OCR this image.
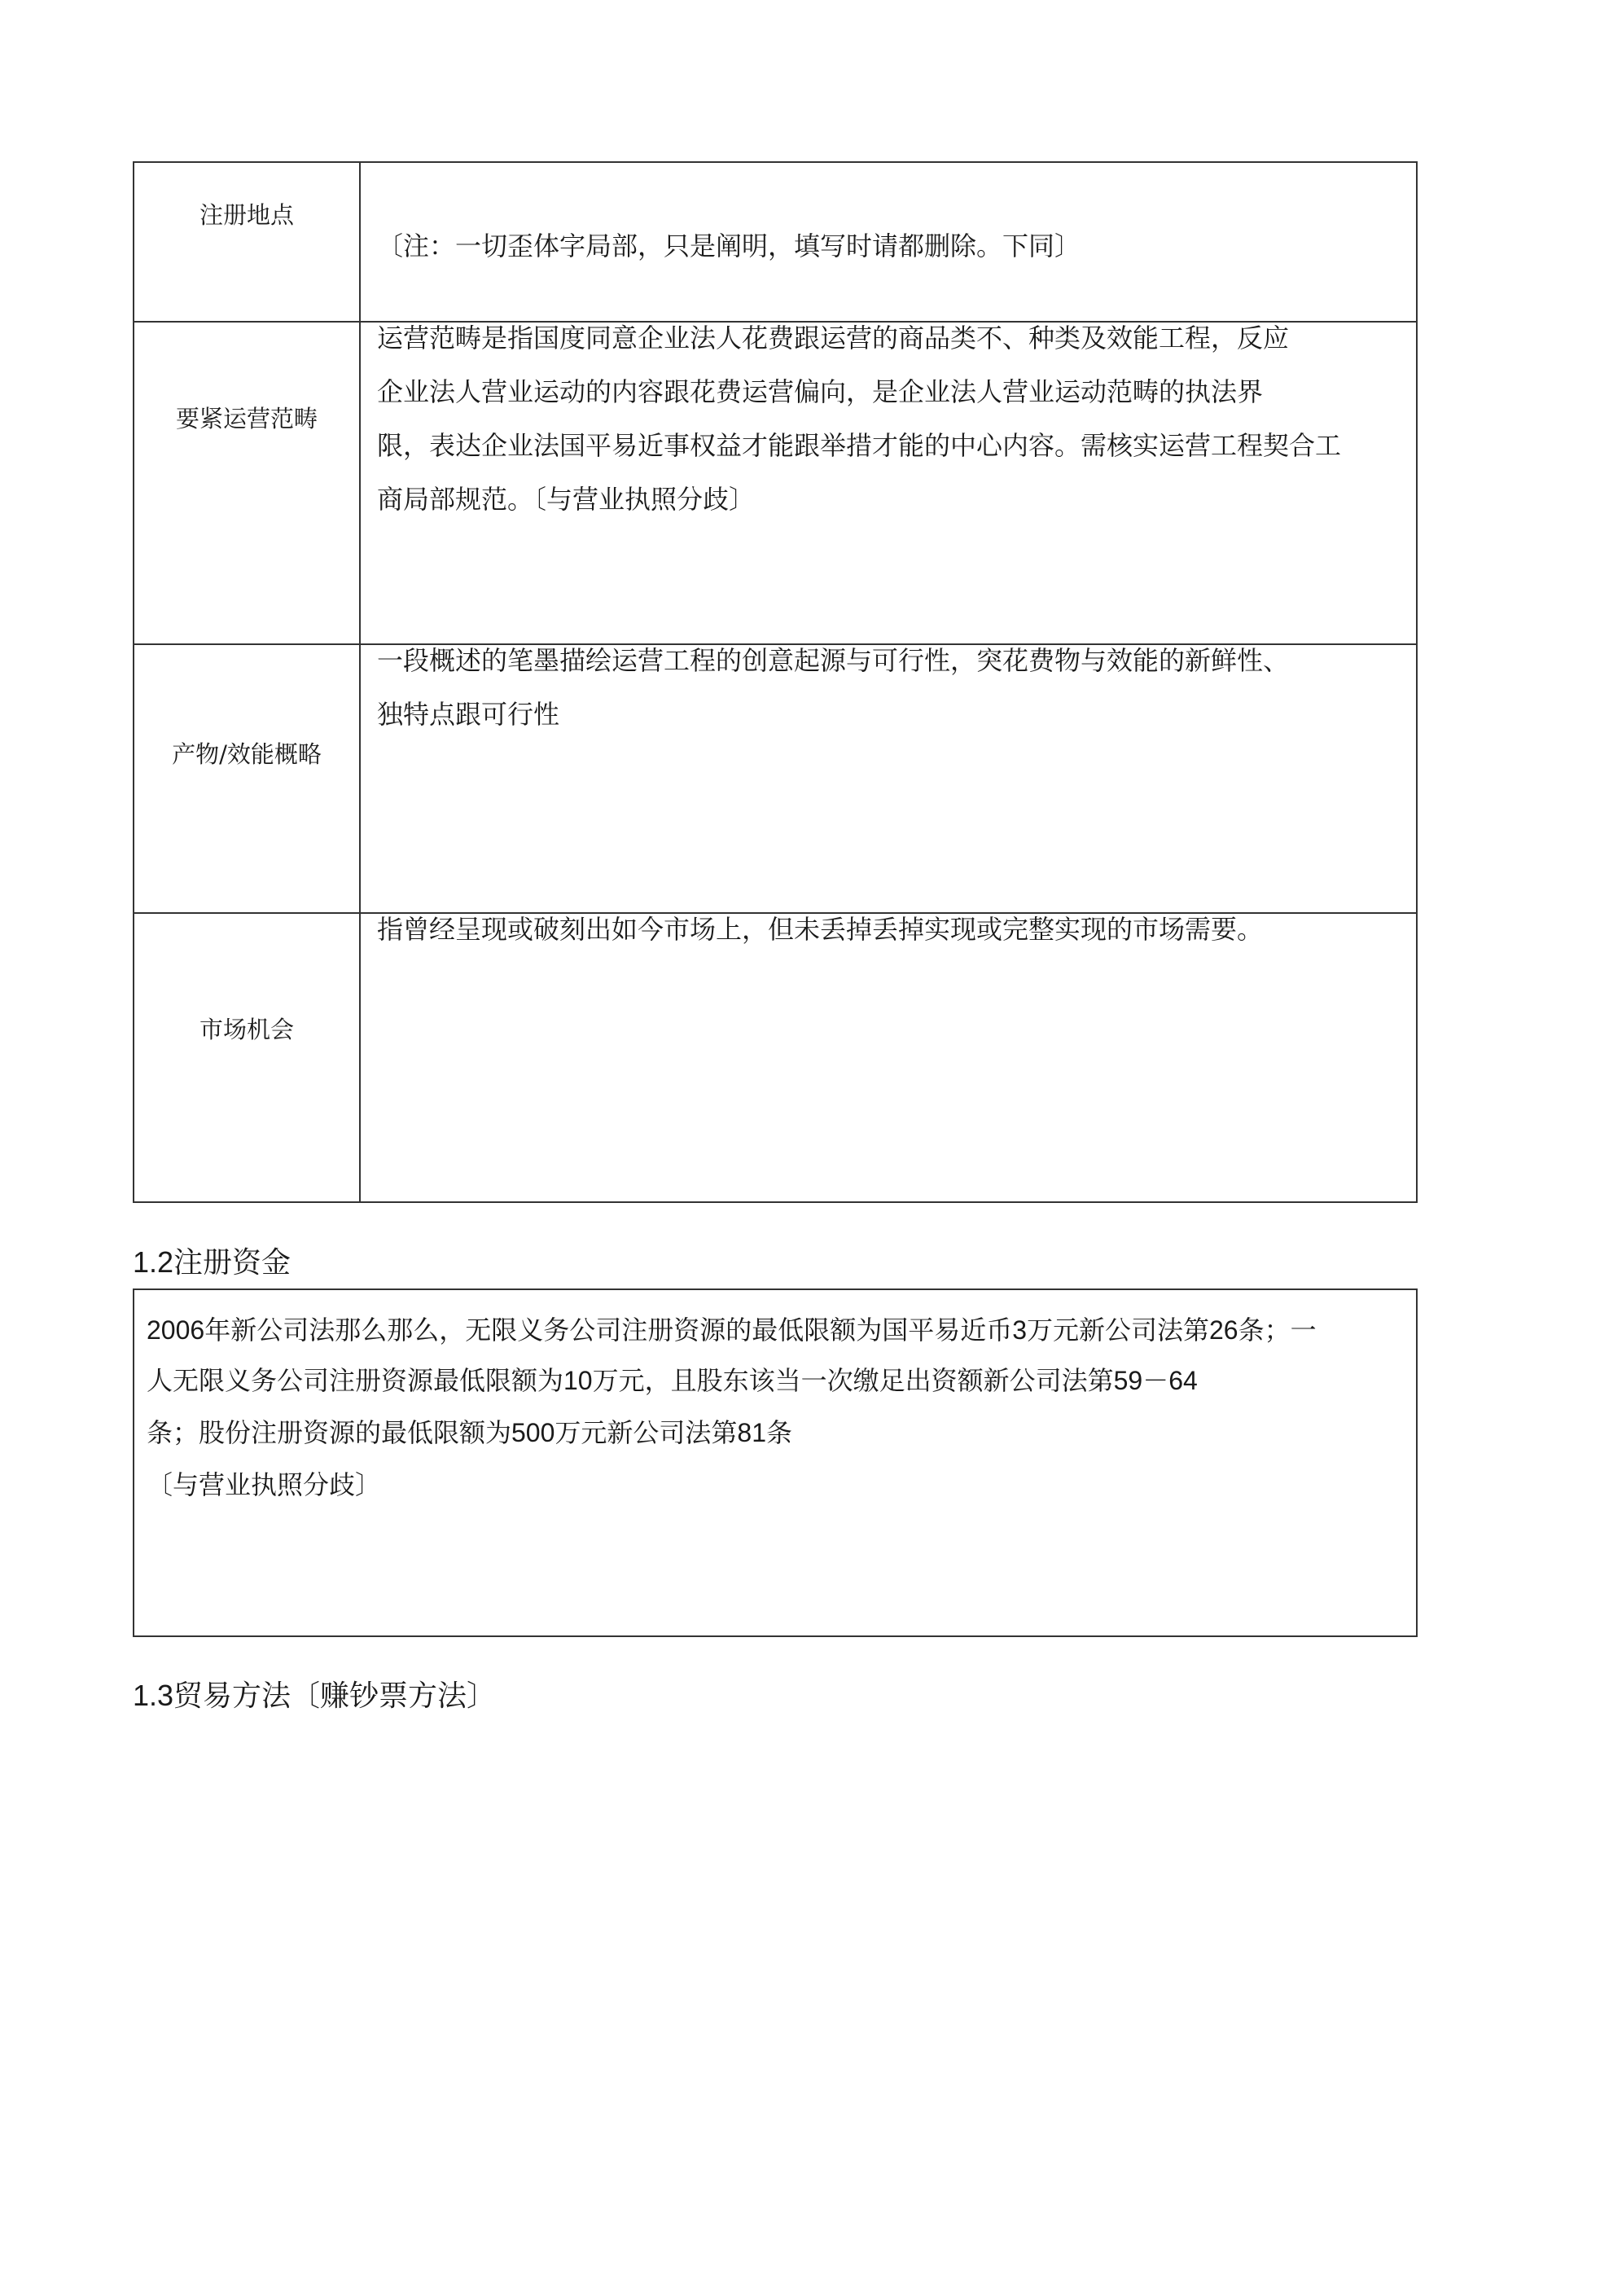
注册地点	〔注：一切歪体字局部，只是阐明，填写时请都删除。下同〕

要紧运营范畴	运营范畴是指国度同意企业法人花费跟运营的商品类不、种类及效能工程，反应

企业法人营业运动的内容跟花费运营偏向，是企业法人营业运动范畴的执法界

限，表达企业法国平易近事权益才能跟举措才能的中心内容。需核实运营工程契合工

商局部规范。〔与营业执照分歧〕

产物/效能概略	一段概述的笔墨描绘运营工程的创意起源与可行性，突花费物与效能的新鲜性、

独特点跟可行性

市场机会	指曾经呈现或破刻出如今市场上，但未丢掉丢掉实现或完整实现的市场需要。

1.2注册资金

2006年新公司法那么那么，无限义务公司注册资源的最低限额为国平易近币3万元新公司法第26条；一

人无限义务公司注册资源最低限额为10万元，且股东该当一次缴足出资额新公司法第59－64

条；股份注册资源的最低限额为500万元新公司法第81条

〔与营业执照分歧〕

1.3贸易方法〔赚钞票方法〕
